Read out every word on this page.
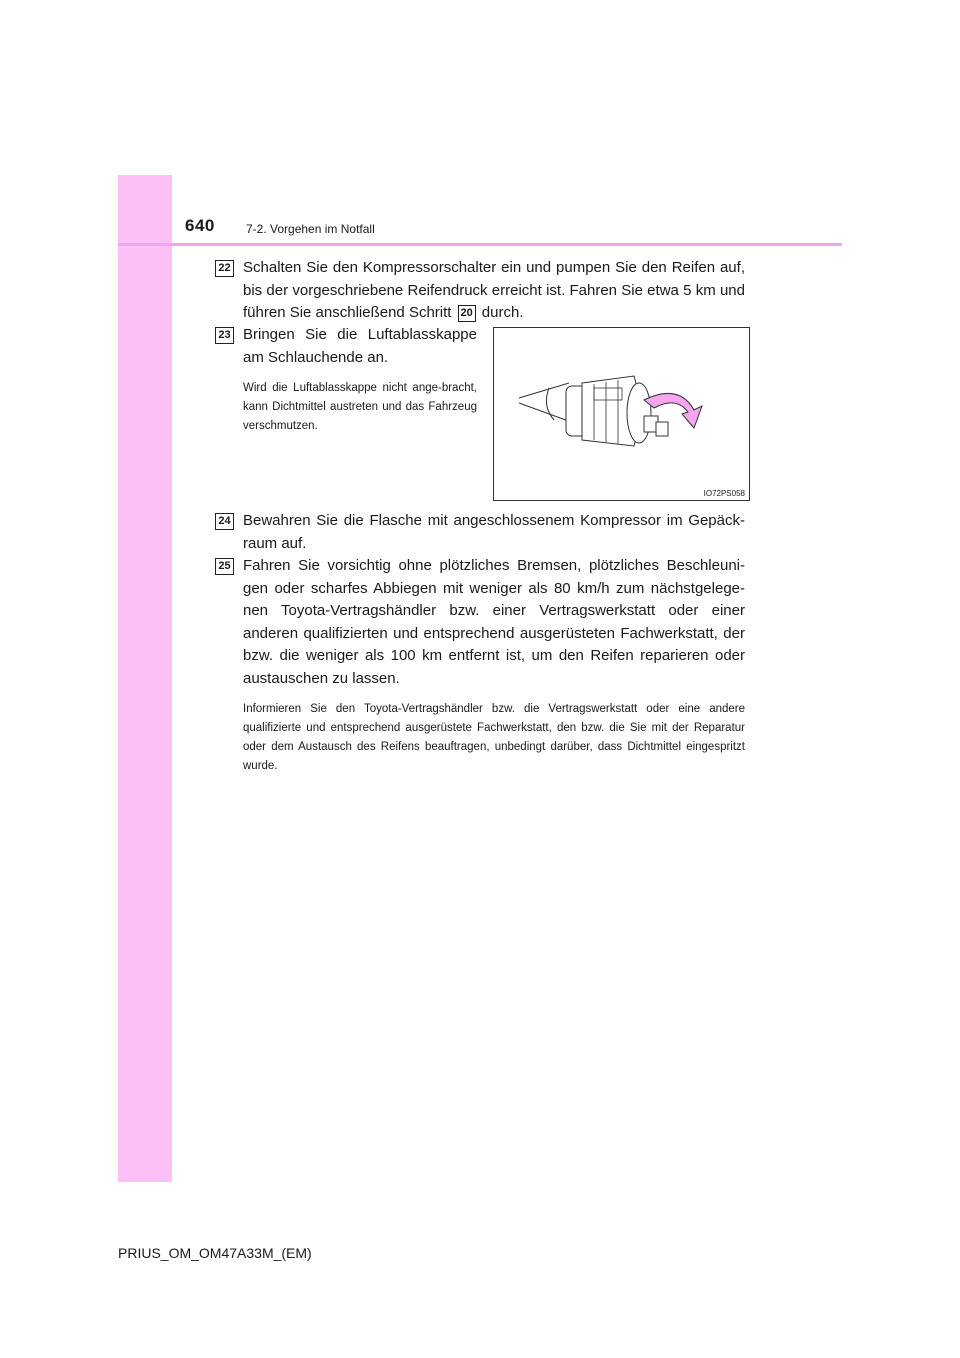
640	7-2. Vorgehen im Notfall
22 Schalten Sie den Kompressorschalter ein und pumpen Sie den Reifen auf, bis der vorgeschriebene Reifendruck erreicht ist. Fahren Sie etwa 5 km und führen Sie anschließend Schritt 20 durch.
23 Bringen Sie die Luftablasskappe am Schlauchende an.
Wird die Luftablasskappe nicht ange-bracht, kann Dichtmittel austreten und das Fahrzeug verschmutzen.
IO72PS058
24 Bewahren Sie die Flasche mit angeschlossenem Kompressor im Gepäck-raum auf.
25 Fahren Sie vorsichtig ohne plötzliches Bremsen, plötzliches Beschleuni-gen oder scharfes Abbiegen mit weniger als 80 km/h zum nächstgelege-nen Toyota-Vertragshändler bzw. einer Vertragswerkstatt oder einer anderen qualifizierten und entsprechend ausgerüsteten Fachwerkstatt, der bzw. die weniger als 100 km entfernt ist, um den Reifen reparieren oder austauschen zu lassen.
Informieren Sie den Toyota-Vertragshändler bzw. die Vertragswerkstatt oder eine andere qualifizierte und entsprechend ausgerüstete Fachwerkstatt, den bzw. die Sie mit der Reparatur oder dem Austausch des Reifens beauftragen, unbedingt darüber, dass Dichtmittel eingespritzt wurde.
PRIUS_OM_OM47A33M_(EM)
